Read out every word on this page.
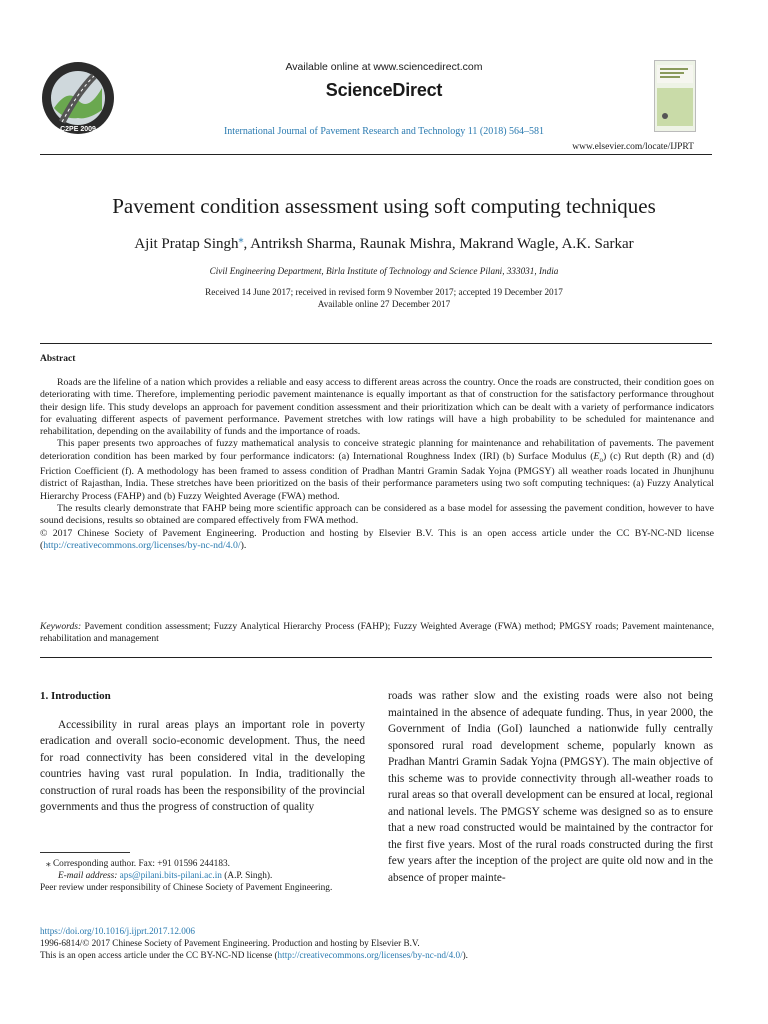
C2PE 2009
Available online at www.sciencedirect.com
ScienceDirect
International Journal of Pavement Research and Technology 11 (2018) 564–581
www.elsevier.com/locate/IJPRT
Pavement condition assessment using soft computing techniques
Ajit Pratap Singh⁎, Antriksh Sharma, Raunak Mishra, Makrand Wagle, A.K. Sarkar
Civil Engineering Department, Birla Institute of Technology and Science Pilani, 333031, India
Received 14 June 2017; received in revised form 9 November 2017; accepted 19 December 2017
Available online 27 December 2017
Abstract

Roads are the lifeline of a nation which provides a reliable and easy access to different areas across the country. Once the roads are constructed, their condition goes on deteriorating with time. Therefore, implementing periodic pavement maintenance is equally important as that of construction for the satisfactory performance throughout their design life. This study develops an approach for pavement condition assessment and their prioritization which can be dealt with a variety of performance indicators for evaluating different aspects of pavement performance. Pavement stretches with low ratings will have a high probability to be scheduled for maintenance and rehabilitation, depending on the availability of funds and the importance of roads.

This paper presents two approaches of fuzzy mathematical analysis to conceive strategic planning for maintenance and rehabilitation of pavements. The pavement deterioration condition has been marked by four performance indicators: (a) International Roughness Index (IRI) (b) Surface Modulus $(E_o)$ (c) Rut depth (R) and (d) Friction Coefficient (f). A methodology has been framed to assess condition of Pradhan Mantri Gramin Sadak Yojna (PMGSY) all weather roads located in Jhunjhunu district of Rajasthan, India. These stretches have been prioritized on the basis of their performance parameters using two soft computing techniques: (a) Fuzzy Analytical Hierarchy Process (FAHP) and (b) Fuzzy Weighted Average (FWA) method.

The results clearly demonstrate that FAHP being more scientific approach can be considered as a base model for assessing the pavement condition, however to have sound decisions, results so obtained are compared effectively from FWA method.

© 2017 Chinese Society of Pavement Engineering. Production and hosting by Elsevier B.V. This is an open access article under the CC BY-NC-ND license (http://creativecommons.org/licenses/by-nc-nd/4.0/).

Keywords: Pavement condition assessment; Fuzzy Analytical Hierarchy Process (FAHP); Fuzzy Weighted Average (FWA) method; PMGSY roads; Pavement maintenance, rehabilitation and management
1. Introduction

Accessibility in rural areas plays an important role in poverty eradication and overall socio-economic development. Thus, the need for road connectivity has been considered vital in the developing countries having vast rural population. In India, traditionally the construction of rural roads has been the responsibility of the provincial governments and thus the progress of construction of quality

roads was rather slow and the existing roads were also not being maintained in the absence of adequate funding. Thus, in year 2000, the Government of India (GoI) launched a nationwide fully centrally sponsored rural road development scheme, popularly known as Pradhan Mantri Gramin Sadak Yojna (PMGSY). The main objective of this scheme was to provide connectivity through all-weather roads to rural areas so that overall development can be ensured at local, regional and national levels. The PMGSY scheme was designed so as to ensure that a new road constructed would be maintained by the contractor for the first five years. Most of the rural roads constructed during the first few years after the inception of the project are quite old now and in the absence of proper mainte-

⁎ Corresponding author. Fax: +91 01596 244183.

E-mail address: aps@pilani.bits-pilani.ac.in (A.P. Singh).

Peer review under responsibility of Chinese Society of Pavement Engineering.

https://doi.org/10.1016/j.ijprt.2017.12.006

1996-6814/© 2017 Chinese Society of Pavement Engineering. Production and hosting by Elsevier B.V.

This is an open access article under the CC BY-NC-ND license (http://creativecommons.org/licenses/by-nc-nd/4.0/).
